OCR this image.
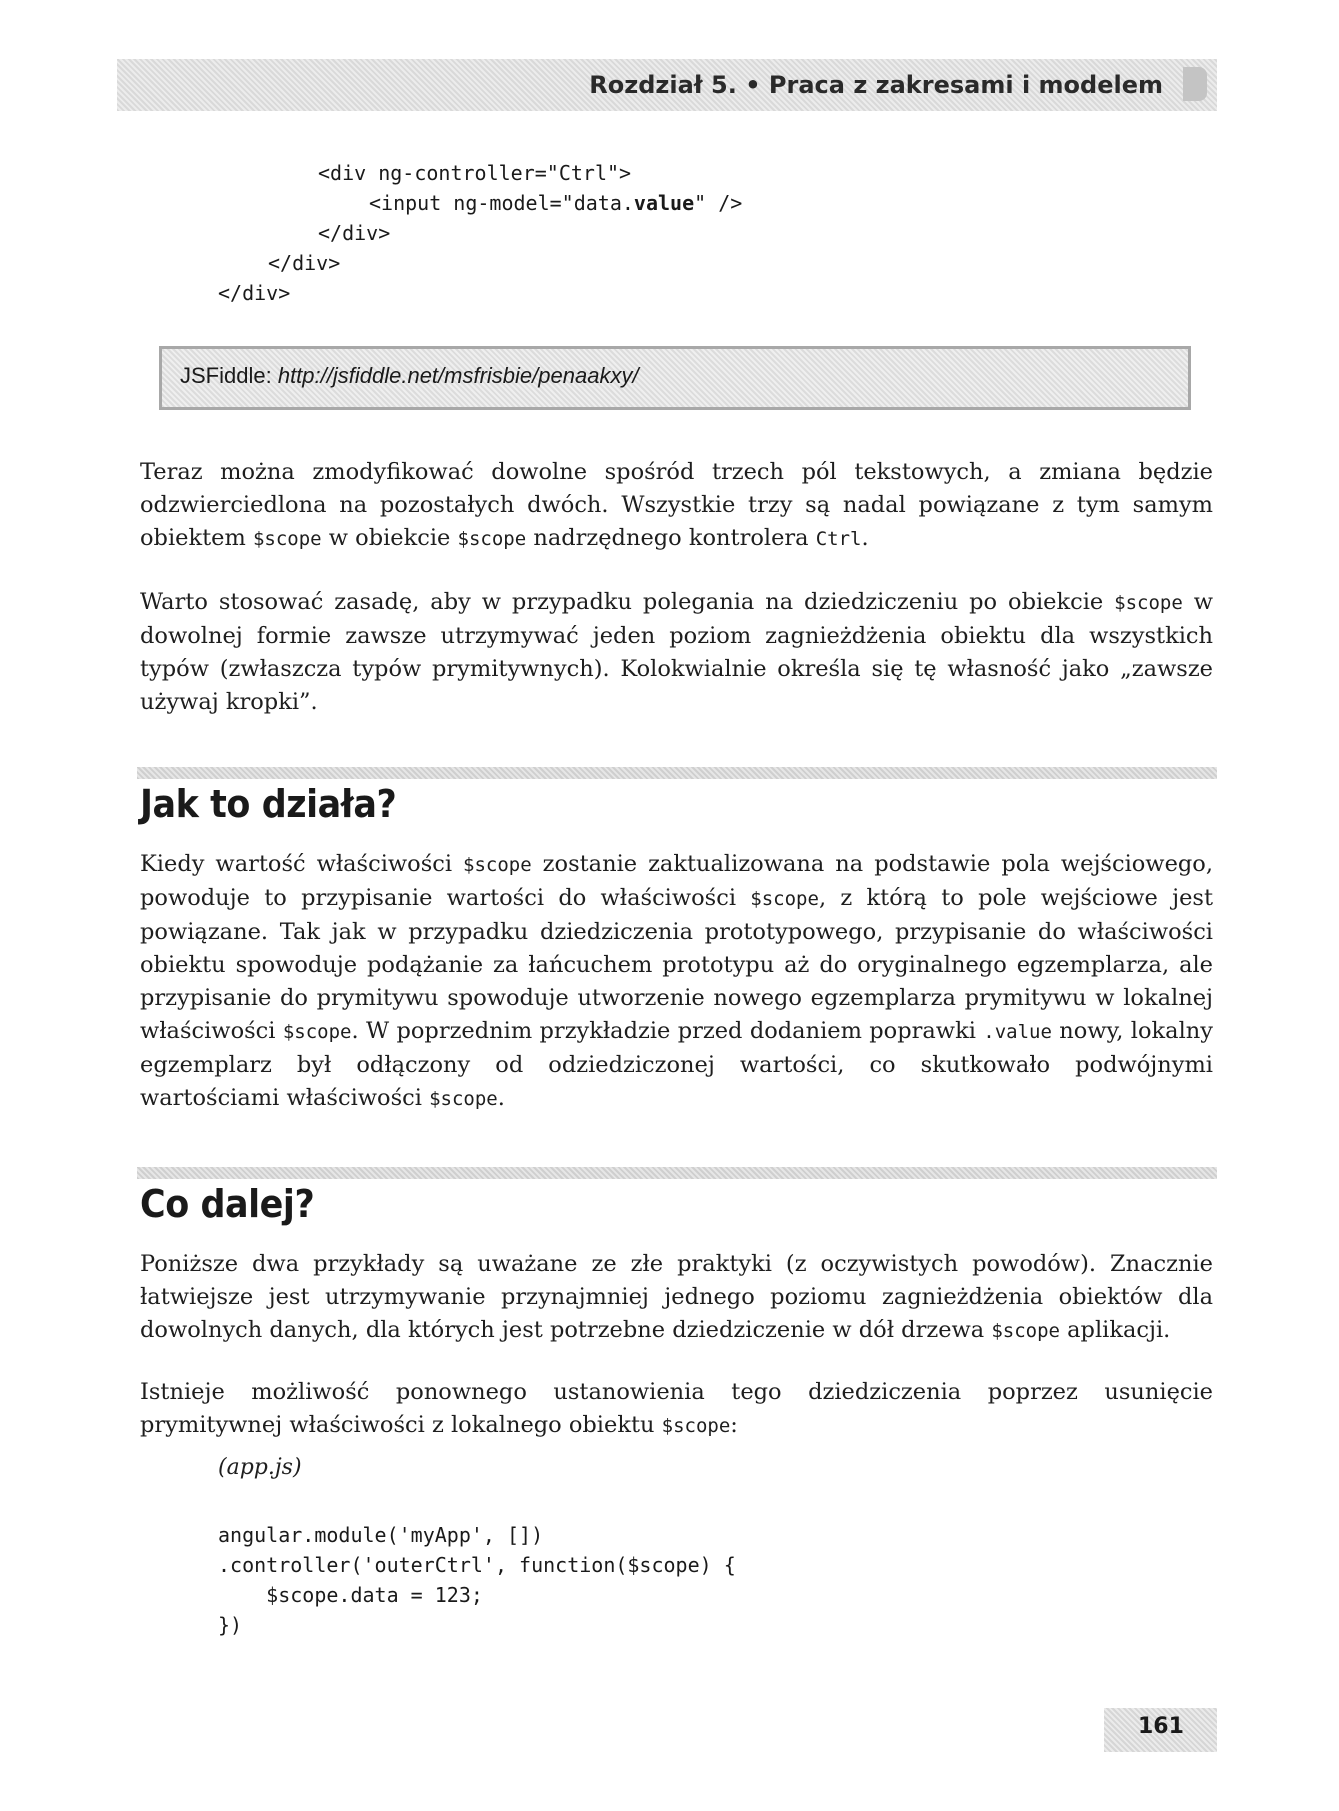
Rozdział 5. • Praca z zakresami i modelem
<div ng-controller="Ctrl">
<input ng-model="data.value" />
</div>
</div>
</div>
JSFiddle: http://jsfiddle.net/msfrisbie/penaakxy/

Teraz można zmodyfikować dowolne spośród trzech pól tekstowych, a zmiana będzie odzwierciedlona na pozostałych dwóch. Wszystkie trzy są nadal powiązane z tym samym obiektem $scope w obiekcie $scope nadrzędnego kontrolera Ctrl.

Warto stosować zasadę, aby w przypadku polegania na dziedziczeniu po obiekcie $scope w dowolnej formie zawsze utrzymywać jeden poziom zagnieżdżenia obiektu dla wszystkich typów (zwłaszcza typów prymitywnych). Kolokwialnie określa się tę własność jako „zawsze używaj kropki”.

Jak to działa?

Kiedy wartość właściwości $scope zostanie zaktualizowana na podstawie pola wejściowego, powoduje to przypisanie wartości do właściwości $scope, z którą to pole wejściowe jest powiązane. Tak jak w przypadku dziedziczenia prototypowego, przypisanie do właściwości obiektu spowoduje podążanie za łańcuchem prototypu aż do oryginalnego egzemplarza, ale przypisanie do prymitywu spowoduje utworzenie nowego egzemplarza prymitywu w lokalnej właściwości $scope. W poprzednim przykładzie przed dodaniem poprawki .value nowy, lokalny egzemplarz był odłączony od odziedziczonej wartości, co skutkowało podwójnymi wartościami właściwości $scope.

Co dalej?

Poniższe dwa przykłady są uważane ze złe praktyki (z oczywistych powodów). Znacznie łatwiejsze jest utrzymywanie przynajmniej jednego poziomu zagnieżdżenia obiektów dla dowolnych danych, dla których jest potrzebne dziedziczenie w dół drzewa $scope aplikacji.

Istnieje możliwość ponownego ustanowienia tego dziedziczenia poprzez usunięcie prymitywnej właściwości z lokalnego obiektu $scope:

(app.js)
angular.module('myApp', [])
.controller('outerCtrl', function($scope) {
$scope.data = 123;
})
161
